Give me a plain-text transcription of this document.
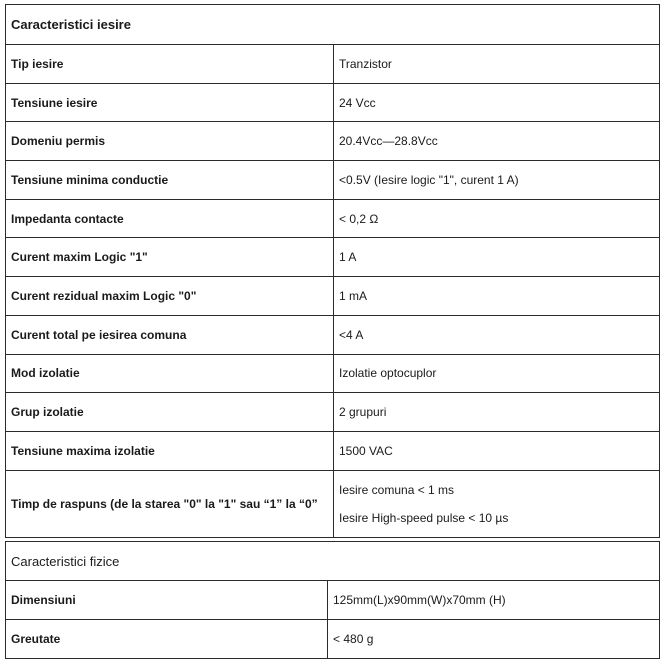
Caracteristici iesire	
Tip iesire	Tranzistor
Tensiune iesire	24 Vcc
Domeniu permis	20.4Vcc—28.8Vcc
Tensiune minima conductie	<0.5V (Iesire logic "1", curent 1 A)
Impedanta contacte	< 0,2 Ω
Curent maxim Logic "1"	1 A
Curent rezidual maxim Logic "0"	1 mA
Curent total pe iesirea comuna	<4 A
Mod izolatie	Izolatie optocuplor
Grup izolatie	2 grupuri
Tensiune maxima izolatie	1500 VAC
Timp de raspuns (de la starea "0" la "1" sau “1” la “0”	Iesire comuna < 1 ms
Iesire High-speed pulse < 10 µs
Caracteristici fizice	
Dimensiuni	125mm(L)x90mm(W)x70mm (H)
Greutate	< 480 g
